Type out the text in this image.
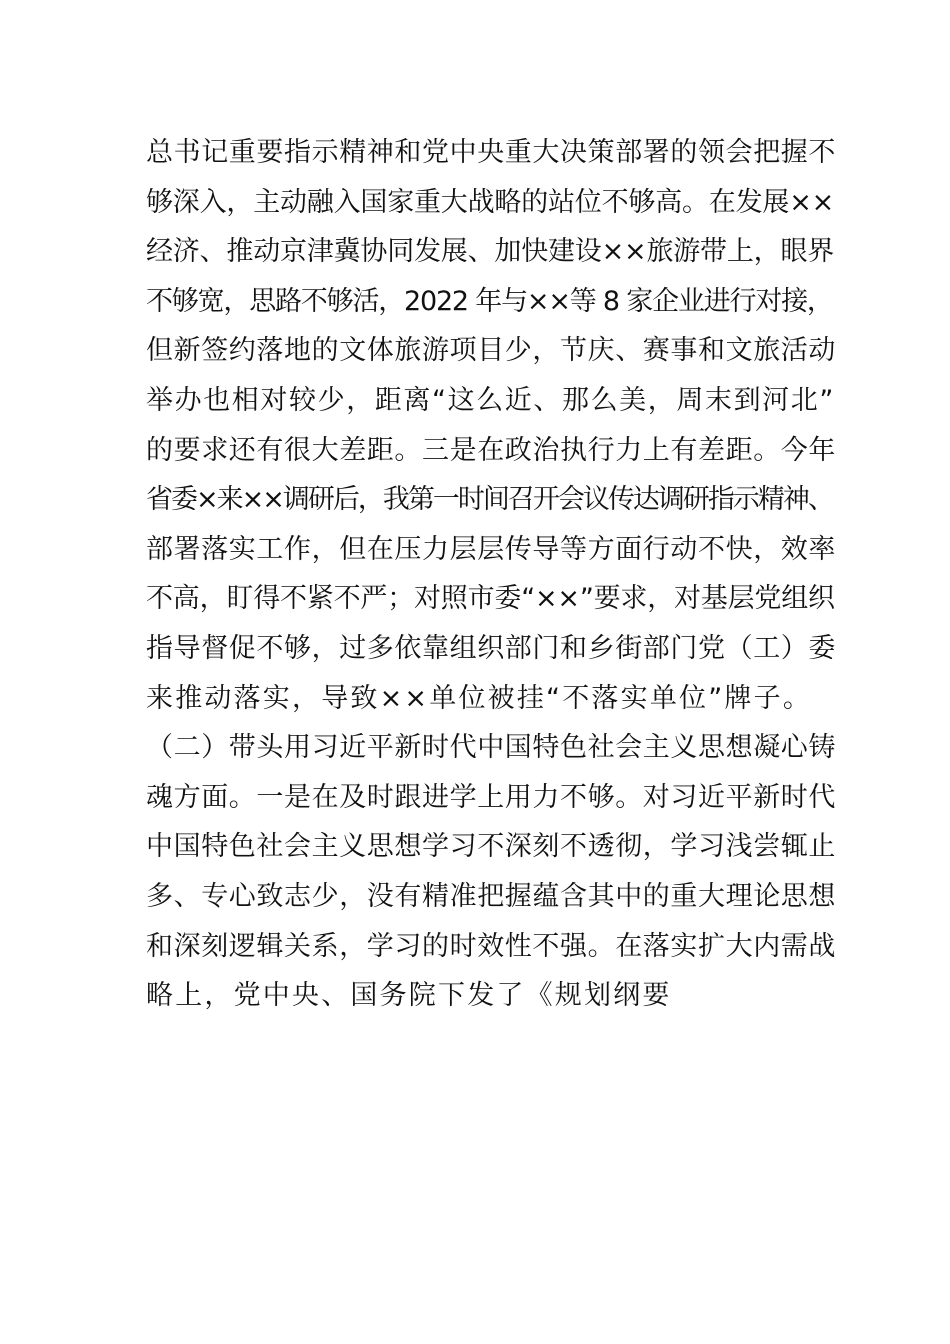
总书记重要指示精神和党中央重大决策部署的领会把握不
够深入，主动融入国家重大战略的站位不够高。在发展××
经济、推动京津冀协同发展、加快建设××旅游带上，眼界
不够宽，思路不够活，2022 年与××等 8 家企业进行对接，
但新签约落地的文体旅游项目少，节庆、赛事和文旅活动
举办也相对较少，距离“这么近、那么美，周末到河北”
的要求还有很大差距。三是在政治执行力上有差距。今年
省委×来××调研后，我第一时间召开会议传达调研指示精神、
部署落实工作，但在压力层层传导等方面行动不快，效率
不高，盯得不紧不严；对照市委“××”要求，对基层党组织
指导督促不够，过多依靠组织部门和乡街部门党（工）委
来推动落实，导致××单位被挂“不落实单位”牌子。
（二）带头用习近平新时代中国特色社会主义思想凝心铸
魂方面。一是在及时跟进学上用力不够。对习近平新时代
中国特色社会主义思想学习不深刻不透彻，学习浅尝辄止
多、专心致志少，没有精准把握蕴含其中的重大理论思想
和深刻逻辑关系，学习的时效性不强。在落实扩大内需战
略上，党中央、国务院下发了《规划纲要
